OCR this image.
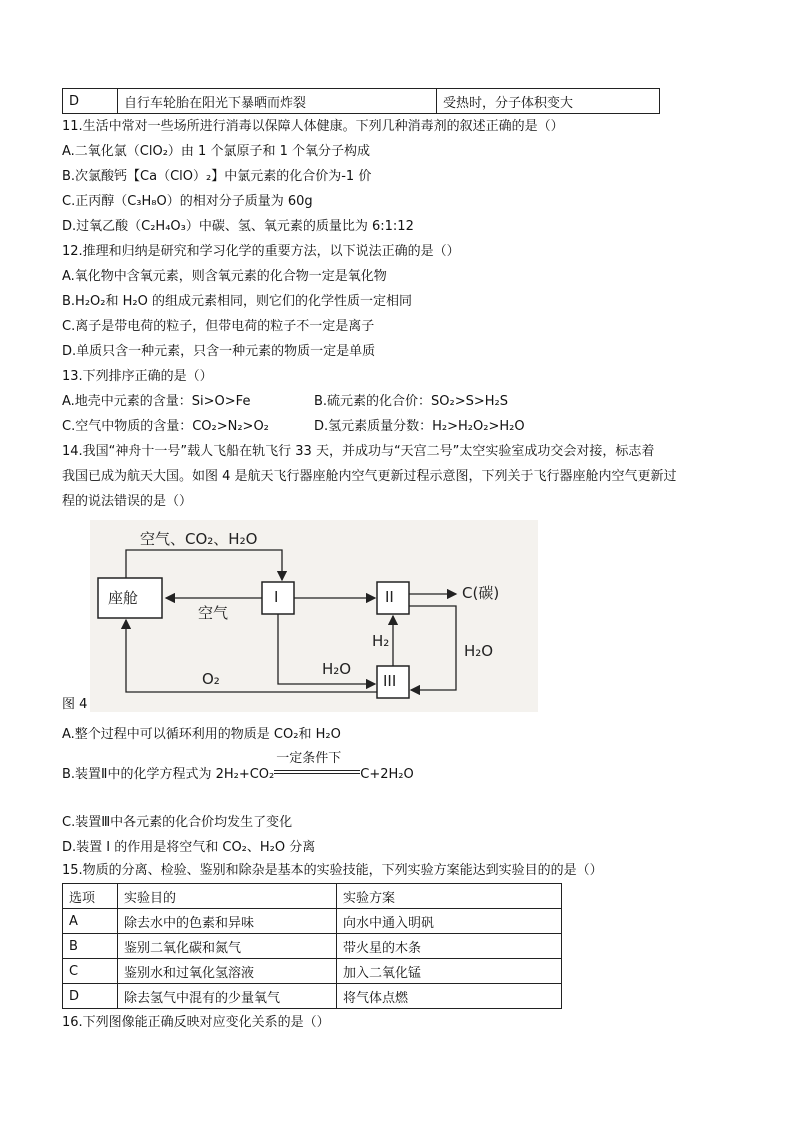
D	自行车轮胎在阳光下暴晒而炸裂	受热时，分子体积变大
11.生活中常对一些场所进行消毒以保障人体健康。下列几种消毒剂的叙述正确的是（）
A.二氧化氯（ClO₂）由 1 个氯原子和 1 个氧分子构成
B.次氯酸钙【Ca（ClO）₂】中氯元素的化合价为-1 价
C.正丙醇（C₃H₈O）的相对分子质量为 60g
D.过氧乙酸（C₂H₄O₃）中碳、氢、氧元素的质量比为 6:1:12
12.推理和归纳是研究和学习化学的重要方法，以下说法正确的是（）
A.氧化物中含氧元素，则含氧元素的化合物一定是氧化物
B.H₂O₂和 H₂O 的组成元素相同，则它们的化学性质一定相同
C.离子是带电荷的粒子，但带电荷的粒子不一定是离子
D.单质只含一种元素，只含一种元素的物质一定是单质
13.下列排序正确的是（）
A.地壳中元素的含量：Si>O>Fe	B.硫元素的化合价：SO₂>S>H₂S
C.空气中物质的含量：CO₂>N₂>O₂	D.氢元素质量分数：H₂>H₂O₂>H₂O
14.我国“神舟十一号”载人飞船在轨飞行 33 天，并成功与“天宫二号”太空实验室成功交会对接，标志着
我国已成为航天大国。如图 4 是航天飞行器座舱内空气更新过程示意图，下列关于飞行器座舱内空气更新过
程的说法错误的是（）
空气、CO₂、H₂O
座舱
空气
I	II
III
C(碳)
H₂
H₂O
H₂O
O₂
图 4
A.整个过程中可以循环利用的物质是 CO₂和 H₂O
B.装置Ⅱ中的化学方程式为 2H₂+CO₂
一定条件下
C+2H₂O
C.装置Ⅲ中各元素的化合价均发生了变化
D.装置 I 的作用是将空气和 CO₂、H₂O 分离
15.物质的分离、检验、鉴别和除杂是基本的实验技能，下列实验方案能达到实验目的的是（）
选项	实验目的	实验方案
A	除去水中的色素和异味	向水中通入明矾
B	鉴别二氧化碳和氮气	带火星的木条
C	鉴别水和过氧化氢溶液	加入二氧化锰
D	除去氢气中混有的少量氧气	将气体点燃
16.下列图像能正确反映对应变化关系的是（）
